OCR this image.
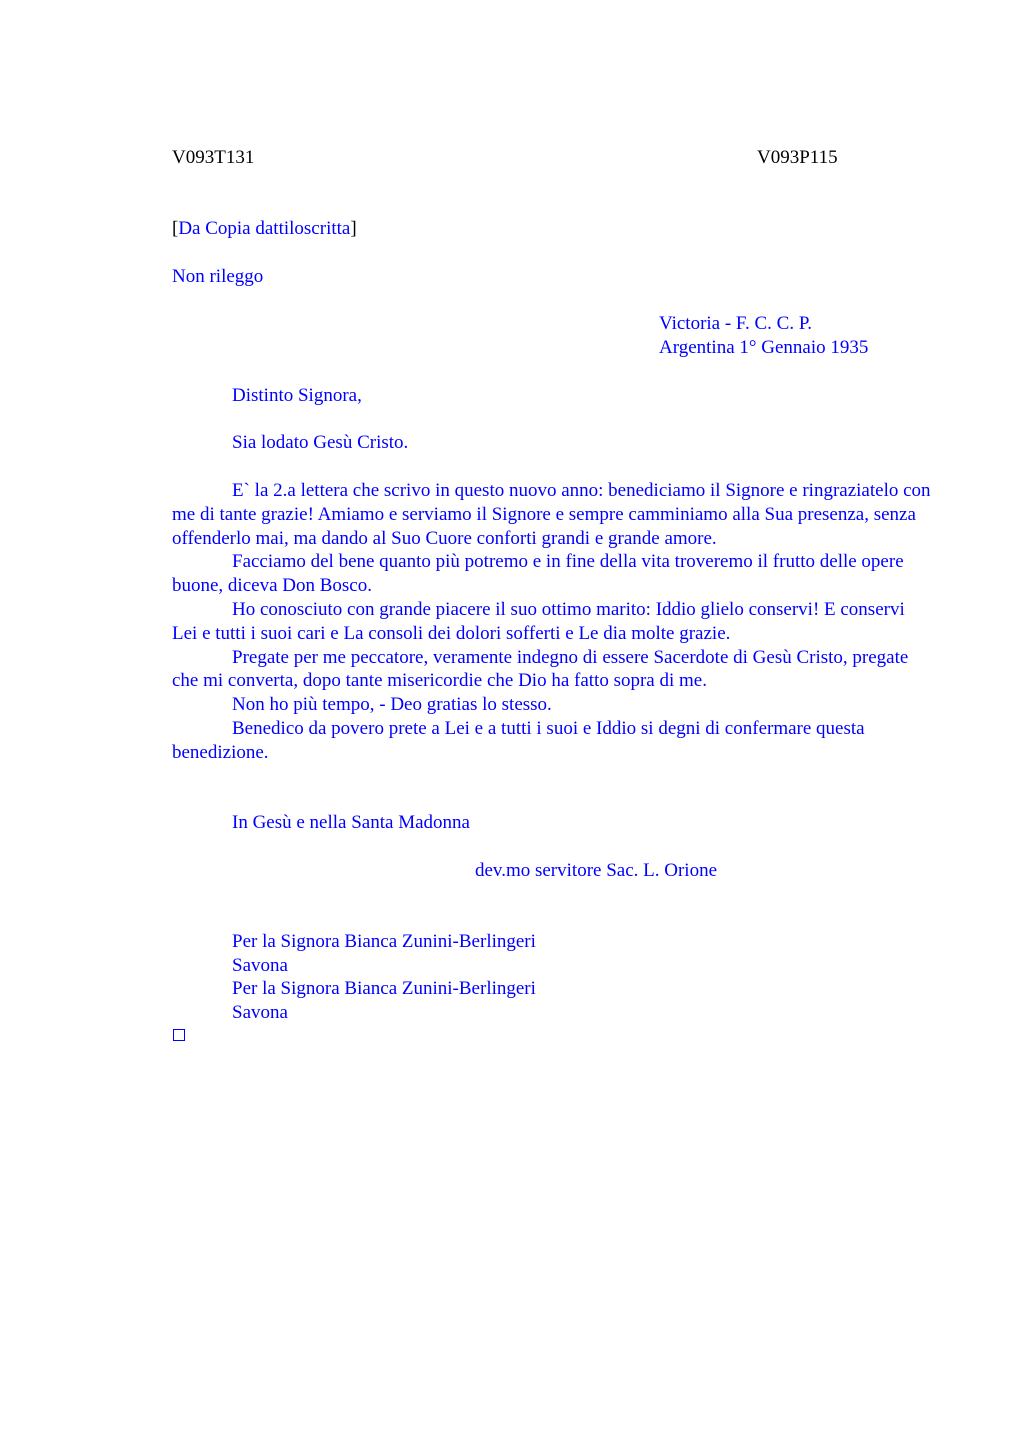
V093T131	V093P115
[Da Copia dattiloscritta]
Non rileggo
Victoria - F. C. C. P.
Argentina 1° Gennaio 1935
Distinto Signora,
Sia lodato Gesù Cristo.

E` la 2.a lettera che scrivo in questo nuovo anno: benediciamo il Signore e ringraziatelo con me di tante grazie! Amiamo e serviamo il Signore e sempre camminiamo alla Sua presenza, senza offenderlo mai, ma dando al Suo Cuore conforti grandi e grande amore.

Facciamo del bene quanto più potremo e in fine della vita troveremo il frutto delle opere buone, diceva Don Bosco.

Ho conosciuto con grande piacere il suo ottimo marito: Iddio glielo conservi! E conservi Lei e tutti i suoi cari e La consoli dei dolori sofferti e Le dia molte grazie.

Pregate per me peccatore, veramente indegno di essere Sacerdote di Gesù Cristo, pregate che mi converta, dopo tante misericordie che Dio ha fatto sopra di me.

Non ho più tempo, - Deo gratias lo stesso.

Benedico da povero prete a Lei e a tutti i suoi e Iddio si degni di confermare questa benedizione.

In Gesù e nella Santa Madonna
dev.mo servitore Sac. L. Orione
Per la Signora Bianca Zunini-Berlingeri
Savona
Per la Signora Bianca Zunini-Berlingeri
Savona
